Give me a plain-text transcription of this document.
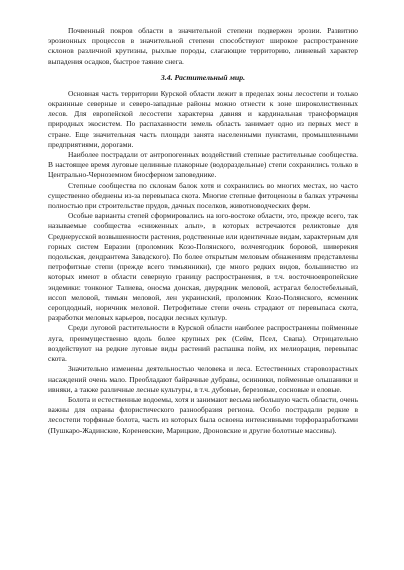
Почвенный покров области в значительной степени подвержен эрозии. Развитию эрозионных процессов в значительной степени способствуют широкое распространение склонов различной крутизны, рыхлые породы, слагающие территорию, ливневый характер выпадения осадков, быстрое таяние снега.

3.4. Растительный мир.

Основная часть территории Курской области лежит в пределах зоны лесостепи и только окраинные северные и северо-западные районы можно отнести к зоне широколиственных лесов. Для европейской лесостепи характерна давняя и кардинальная трансформация природных экосистем. По распаханности земель область занимает одно из первых мест в стране. Еще значительная часть площади занята населенными пунктами, промышленными предприятиями, дорогами.

Наиболее пострадали от антропогенных воздействий степные растительные сообщества. В настоящее время луговые целинные плакорные (водораздельные) степи сохранились только в Центрально-Черноземном биосферном заповеднике.

Степные сообщества по склонам балок хотя и сохранились во многих местах, но часто существенно обеднены из-за перевыпаса скота. Многие степные фитоценозы в балках утрачены полностью при строительстве прудов, дачных поселков, животноводческих ферм.

Особые варианты степей сформировались на юго-востоке области, это, прежде всего, так называемые сообщества «сниженных альп», в которых встречаются реликтовые для Среднерусской возвышенности растения, родственные или идентичные видам, характерным для горных систем Евразии (проломник Козо-Полянского, волчеягодник боровой, шиверекия подольская, дендрантема Завадского). По более открытым меловым обнажениям представлены петрофитные степи (прежде всего тимьянники), где много редких видов, большинство из которых имеют в области северную границу распространения, в т.ч. восточноевропейские эндемики: тонконог Талиева, оносма донская, двурядник меловой, астрагал белостебельный, иссоп меловой, тимьян меловой, лен украинский, проломник Козо-Полянского, ясменник серопдодный, норичник меловой. Петрофитные степи очень страдают от перевыпаса скота, разработки меловых карьеров, посадки лесных культур.

Среди луговой растительности в Курской области наиболее распространены пойменные луга, преимущественно вдоль более крупных рек (Сейм, Псел, Свапа). Отрицательно воздействуют на редкие луговые виды растений распашка пойм, их мелиорация, перевыпас скота.

Значительно изменены деятельностью человека и леса. Естественных старовозрастных насаждений очень мало. Преобладают байрачные дубравы, осинники, пойменные ольшаники и ивняки, а также различные лесные культуры, в т.ч. дубовые, березовые, сосновые и еловые.

Болота и естественные водоемы, хотя и занимают весьма небольшую часть области, очень важны для охраны флористического разнообразия региона. Особо пострадали редкие в лесостепи торфяные болота, часть из которых была освоена интенсивными торфоразработками (Пушкаро-Жадинские, Кореневские, Марицкие, Дроновские и другие болотные массивы).
